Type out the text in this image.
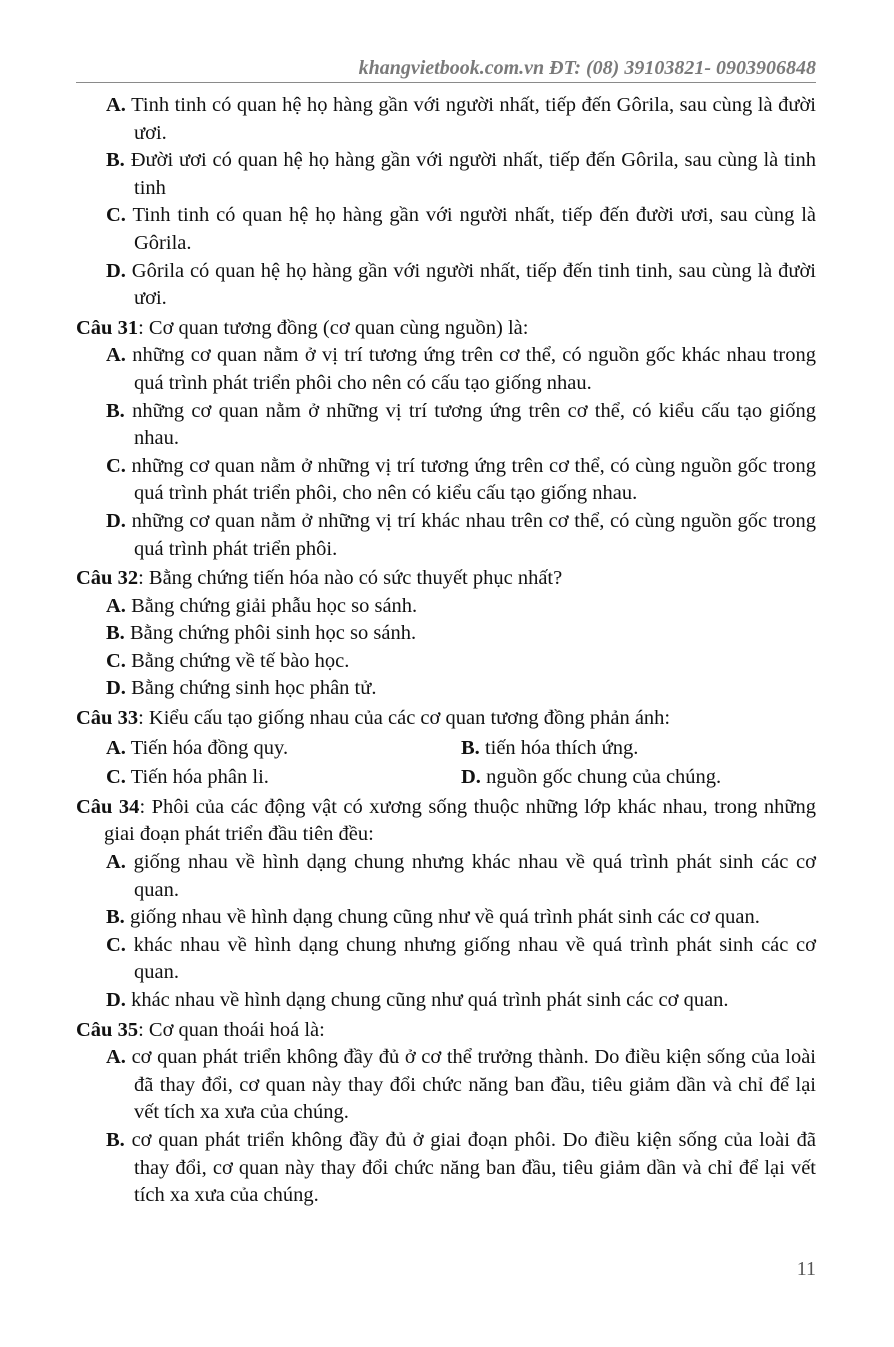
khangvietbook.com.vn ĐT: (08) 39103821- 0903906848
A. Tinh tinh có quan hệ họ hàng gần với người nhất, tiếp đến Gôrila, sau cùng là đười ươi.
B. Đười ươi có quan hệ họ hàng gần với người nhất, tiếp đến Gôrila, sau cùng là tinh tinh
C. Tinh tinh có quan hệ họ hàng gần với người nhất, tiếp đến đười ươi, sau cùng là Gôrila.
D. Gôrila có quan hệ họ hàng gần với người nhất, tiếp đến tinh tinh, sau cùng là đười ươi.
Câu 31: Cơ quan tương đồng (cơ quan cùng nguồn) là:
A. những cơ quan nằm ở vị trí tương ứng trên cơ thể, có nguồn gốc khác nhau trong quá trình phát triển phôi cho nên có cấu tạo giống nhau.
B. những cơ quan nằm ở những vị trí tương ứng trên cơ thể, có kiểu cấu tạo giống nhau.
C. những cơ quan nằm ở những vị trí tương ứng trên cơ thể, có cùng nguồn gốc trong quá trình phát triển phôi, cho nên có kiểu cấu tạo giống nhau.
D. những cơ quan nằm ở những vị trí khác nhau trên cơ thể, có cùng nguồn gốc trong quá trình phát triển phôi.
Câu 32: Bằng chứng tiến hóa nào có sức thuyết phục nhất?
A. Bằng chứng giải phẫu học so sánh.
B. Bằng chứng phôi sinh học so sánh.
C. Bằng chứng về tế bào học.
D. Bằng chứng sinh học phân tử.
Câu 33: Kiểu cấu tạo giống nhau của các cơ quan tương đồng phản ánh:
A. Tiến hóa đồng quy.	B. tiến hóa thích ứng.
C. Tiến hóa phân li.	D. nguồn gốc chung của chúng.
Câu 34: Phôi của các động vật có xương sống thuộc những lớp khác nhau, trong những giai đoạn phát triển đầu tiên đều:
A. giống nhau về hình dạng chung nhưng khác nhau về quá trình phát sinh các cơ quan.
B. giống nhau về hình dạng chung cũng như về quá trình phát sinh các cơ quan.
C. khác nhau về hình dạng chung nhưng giống nhau về quá trình phát sinh các cơ quan.
D. khác nhau về hình dạng chung cũng như quá trình phát sinh các cơ quan.
Câu 35: Cơ quan thoái hoá là:
A. cơ quan phát triển không đầy đủ ở cơ thể trưởng thành. Do điều kiện sống của loài đã thay đổi, cơ quan này thay đổi chức năng ban đầu, tiêu giảm dần và chỉ để lại vết tích xa xưa của chúng.
B. cơ quan phát triển không đầy đủ ở giai đoạn phôi. Do điều kiện sống của loài đã thay đổi, cơ quan này thay đổi chức năng ban đầu, tiêu giảm dần và chỉ để lại vết tích xa xưa của chúng.
11
